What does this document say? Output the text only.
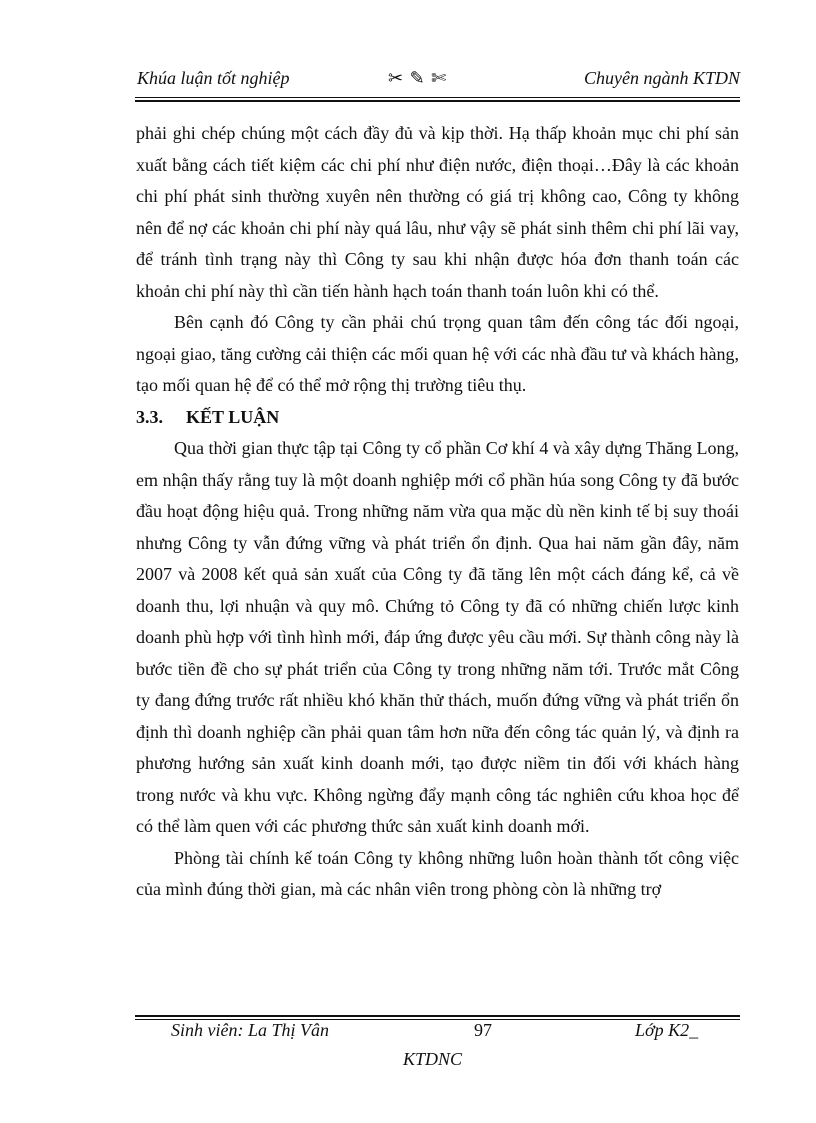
Khúa luận tốt nghiệp	✂ ✎ ✄	Chuyên ngành KTDN

phải ghi chép chúng một cách đầy đủ và kịp thời. Hạ thấp khoản mục chi phí sản xuất bằng cách tiết kiệm các chi phí như điện nước, điện thoại…Đây là các khoản chi phí phát sinh thường xuyên nên thường có giá trị không cao, Công ty không nên để nợ các khoản chi phí này quá lâu, như vậy sẽ phát sinh thêm chi phí lãi vay, để tránh tình trạng này thì Công ty sau khi nhận được hóa đơn thanh toán các khoản chi phí này thì cần tiến hành hạch toán thanh toán luôn khi có thể.

Bên cạnh đó Công ty cần phải chú trọng quan tâm đến công tác đối ngoại, ngoại giao, tăng cường cải thiện các mối quan hệ với các nhà đầu tư và khách hàng, tạo mối quan hệ để có thể mở rộng thị trường tiêu thụ.

3.3. KẾT LUẬN

Qua thời gian thực tập tại Công ty cổ phần Cơ khí 4 và xây dựng Thăng Long, em nhận thấy rằng tuy là một doanh nghiệp mới cổ phần húa song Công ty đã bước đầu hoạt động hiệu quả. Trong những năm vừa qua mặc dù nền kinh tế bị suy thoái nhưng Công ty vẫn đứng vững và phát triển ổn định. Qua hai năm gần đây, năm 2007 và 2008 kết quả sản xuất của Công ty đã tăng lên một cách đáng kể, cả về doanh thu, lợi nhuận và quy mô. Chứng tỏ Công ty đã có những chiến lược kinh doanh phù hợp với tình hình mới, đáp ứng được yêu cầu mới. Sự thành công này là bước tiền đề cho sự phát triển của Công ty trong những năm tới. Trước mắt Công ty đang đứng trước rất nhiều khó khăn thử thách, muốn đứng vững và phát triển ổn định thì doanh nghiệp cần phải quan tâm hơn nữa đến công tác quản lý, và định ra phương hướng sản xuất kinh doanh mới, tạo được niềm tin đối với khách hàng trong nước và khu vực. Không ngừng đẩy mạnh công tác nghiên cứu khoa học để có thể làm quen với các phương thức sản xuất kinh doanh mới.

Phòng tài chính kế toán Công ty không những luôn hoàn thành tốt công việc của mình đúng thời gian, mà các nhân viên trong phòng còn là những trợ

Sinh viên: La Thị Vân	97	Lớp K2_
KTDNC
